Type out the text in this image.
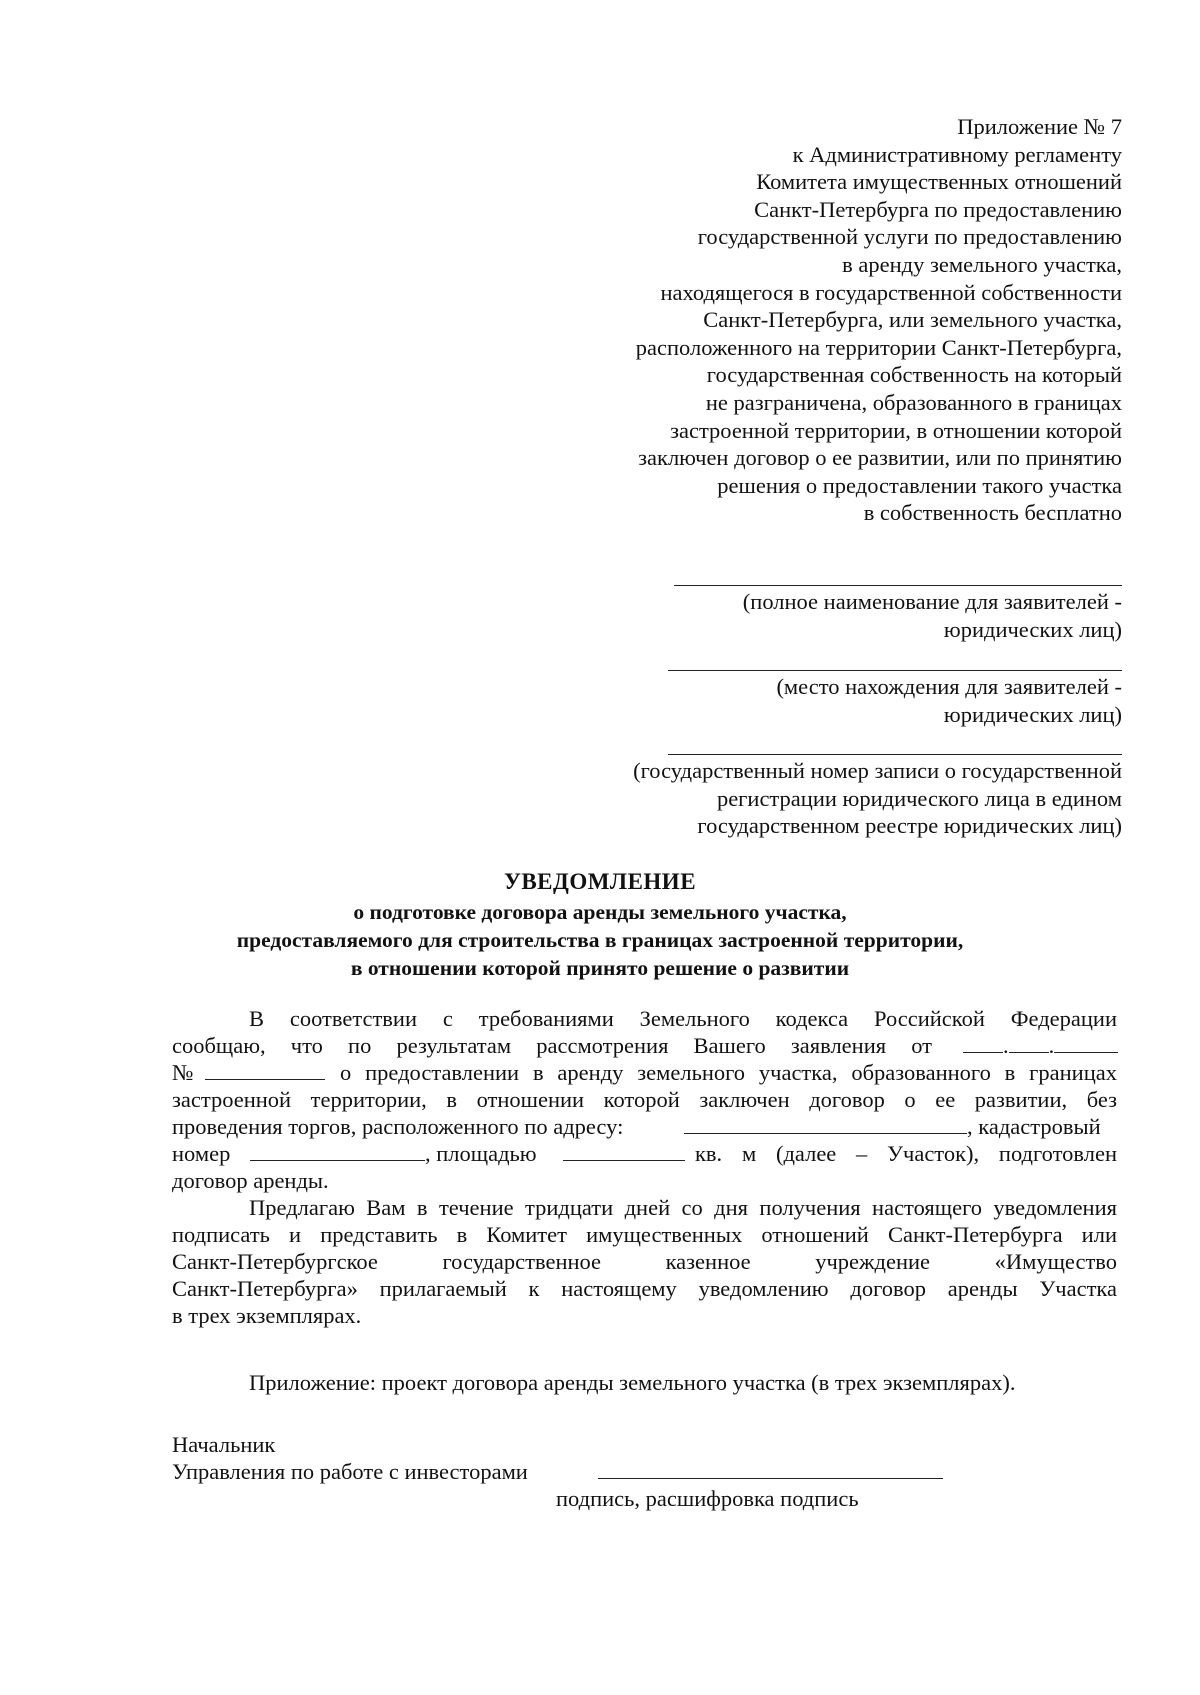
Приложение № 7
к Административному регламенту
Комитета имущественных отношений
Санкт-Петербурга по предоставлению
государственной услуги по предоставлению
в аренду земельного участка,
находящегося в государственной собственности
Санкт-Петербурга, или земельного участка,
расположенного на территории Санкт-Петербурга,
государственная собственность на который
не разграничена, образованного в границах
застроенной территории, в отношении которой
заключен договор о ее развитии, или по принятию
решения о предоставлении такого участка
в собственность бесплатно
(полное наименование для заявителей -
юридических лиц)
(место нахождения для заявителей -
юридических лиц)
(государственный номер записи о государственной
регистрации юридического лица в едином
государственном реестре юридических лиц)
УВЕДОМЛЕНИЕ
о подготовке договора аренды земельного участка,
предоставляемого для строительства в границах застроенной территории,
в отношении которой принято решение о развитии
В соответствии с требованиями Земельного кодекса Российской Федерации
сообщаю, что по результатам рассмотрения Вашего заявления от	. .
№	о предоставлении в аренду земельного участка, образованного в границах
застроенной территории, в отношении которой заключен договор о ее развитии, без
проведения торгов, расположенного по адресу:	, кадастровый
номер	, площадью	кв. м (далее – Участок), подготовлен
договор аренды.
Предлагаю Вам в течение тридцати дней со дня получения настоящего уведомления
подписать и представить в Комитет имущественных отношений Санкт-Петербурга или
Санкт-Петербургское государственное казенное учреждение «Имущество
Санкт-Петербурга» прилагаемый к настоящему уведомлению договор аренды Участка
в трех экземплярах.
Приложение: проект договора аренды земельного участка (в трех экземплярах).
Начальник
Управления по работе с инвесторами
подпись, расшифровка подпись
